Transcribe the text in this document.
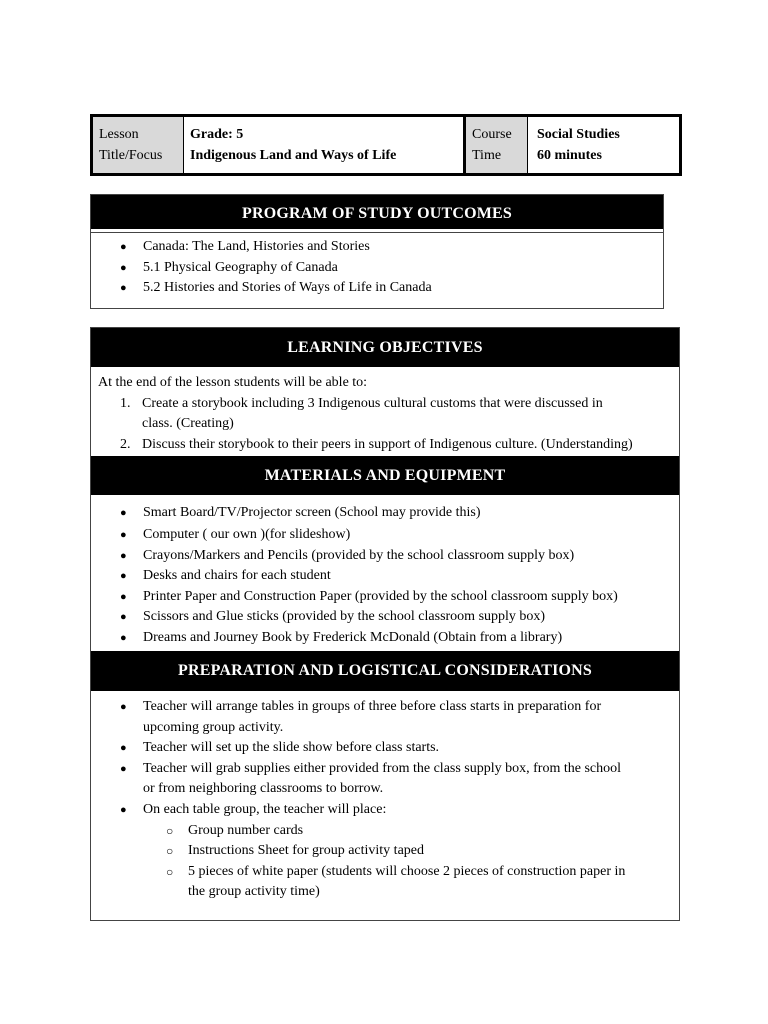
Lesson
Title/Focus
Grade: 5
Indigenous Land and Ways of Life
Course
Time
Social Studies
60 minutes
PROGRAM OF STUDY OUTCOMES
● Canada: The Land, Histories and Stories
● 5.1 Physical Geography of Canada
● 5.2 Histories and Stories of Ways of Life in Canada
LEARNING OBJECTIVES
At the end of the lesson students will be able to:
1. Create a storybook including 3 Indigenous cultural customs that were discussed in
class. (Creating)
2. Discuss their storybook to their peers in support of Indigenous culture. (Understanding)
MATERIALS AND EQUIPMENT
● Smart Board/TV/Projector screen (School may provide this)
● Computer ( our own )(for slideshow)
● Crayons/Markers and Pencils (provided by the school classroom supply box)
● Desks and chairs for each student
● Printer Paper and Construction Paper (provided by the school classroom supply box)
● Scissors and Glue sticks (provided by the school classroom supply box)
● Dreams and Journey Book by Frederick McDonald (Obtain from a library)
PREPARATION AND LOGISTICAL CONSIDERATIONS
● Teacher will arrange tables in groups of three before class starts in preparation for
upcoming group activity.
● Teacher will set up the slide show before class starts.
● Teacher will grab supplies either provided from the class supply box, from the school
or from neighboring classrooms to borrow.
● On each table group, the teacher will place:
○ Group number cards
○ Instructions Sheet for group activity taped
○ 5 pieces of white paper (students will choose 2 pieces of construction paper in
the group activity time)
